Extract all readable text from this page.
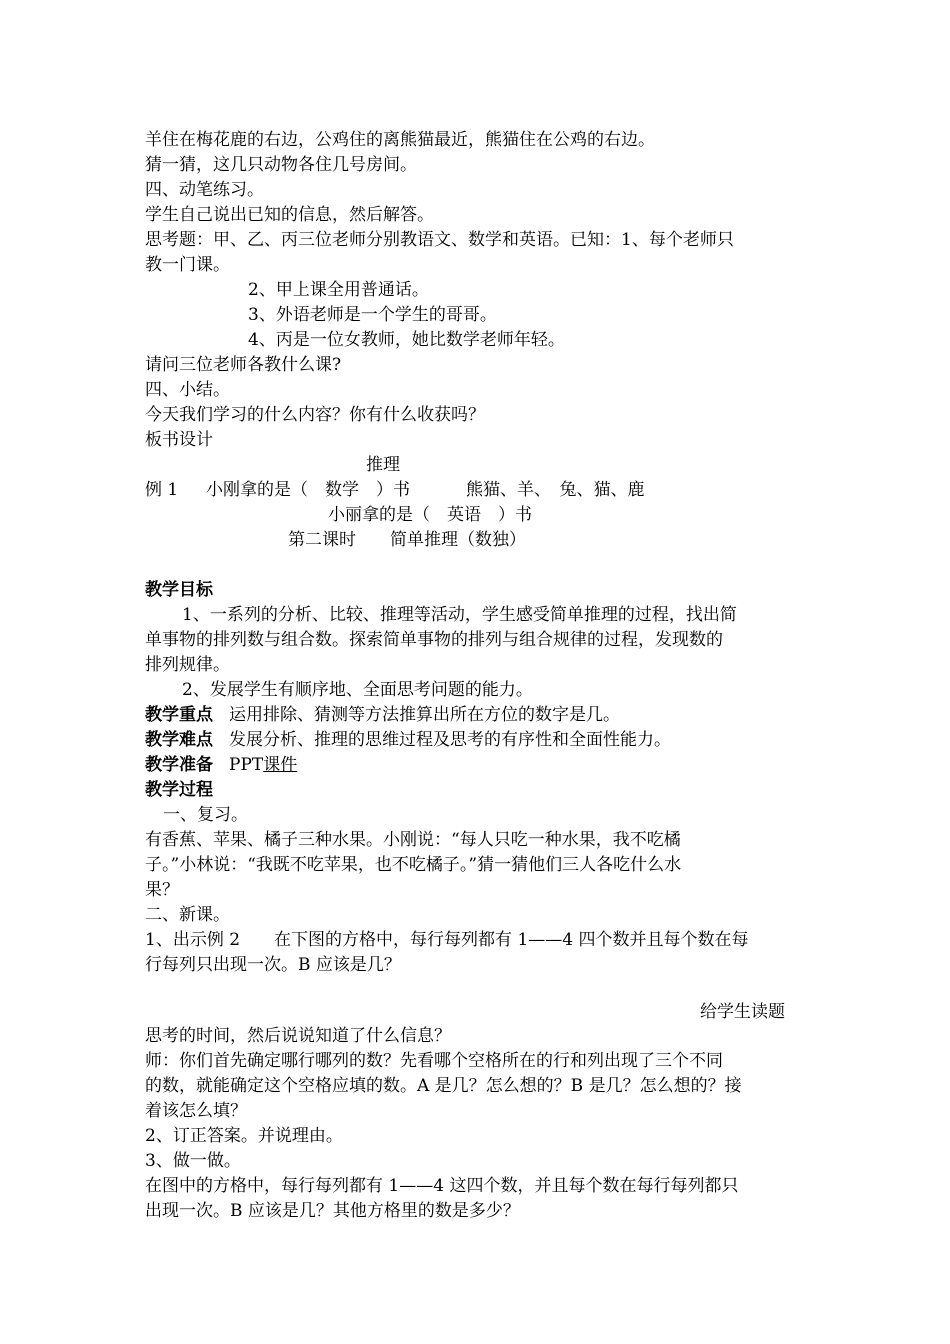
羊住在梅花鹿的右边，公鸡住的离熊猫最近，熊猫住在公鸡的右边。

猜一猜，这几只动物各住几号房间。

四、动笔练习。

学生自己说出已知的信息，然后解答。

思考题：甲、乙、丙三位老师分别教语文、数学和英语。已知：1、每个老师只

教一门课。

2、甲上课全用普通话。

3、外语老师是一个学生的哥哥。

4、丙是一位女教师，她比数学老师年轻。

请问三位老师各教什么课?

四、小结。

今天我们学习的什么内容？你有什么收获吗？

板书设计

推理

例 1 小刚拿的是（　数学　）书	熊猫、羊、　兔、猫、鹿

小丽拿的是（　英语　）书

第二课时　　简单推理（数独）

教学目标

1、一系列的分析、比较、推理等活动，学生感受简单推理的过程，找出简

单事物的排列数与组合数。探索简单事物的排列与组合规律的过程，发现数的

排列规律。

2、发展学生有顺序地、全面思考问题的能力。

教学重点 运用排除、猜测等方法推算出所在方位的数字是几。

教学难点 发展分析、推理的思维过程及思考的有序性和全面性能力。

教学准备 PPT课件

教学过程

一、复习。

有香蕉、苹果、橘子三种水果。小刚说：“每人只吃一种水果，我不吃橘

子。”小林说：“我既不吃苹果，也不吃橘子。”猜一猜他们三人各吃什么水

果？

二、新课。

1、出示例 2　　在下图的方格中，每行每列都有 1——4 四个数并且每个数在每

行每列只出现一次。B 应该是几？

给学生读题

思考的时间，然后说说知道了什么信息？

师：你们首先确定哪行哪列的数？先看哪个空格所在的行和列出现了三个不同

的数，就能确定这个空格应填的数。A 是几？怎么想的？B 是几？怎么想的？接

着该怎么填？

2、订正答案。并说理由。

3、做一做。

在图中的方格中，每行每列都有 1——4 这四个数，并且每个数在每行每列都只

出现一次。B 应该是几？其他方格里的数是多少？
